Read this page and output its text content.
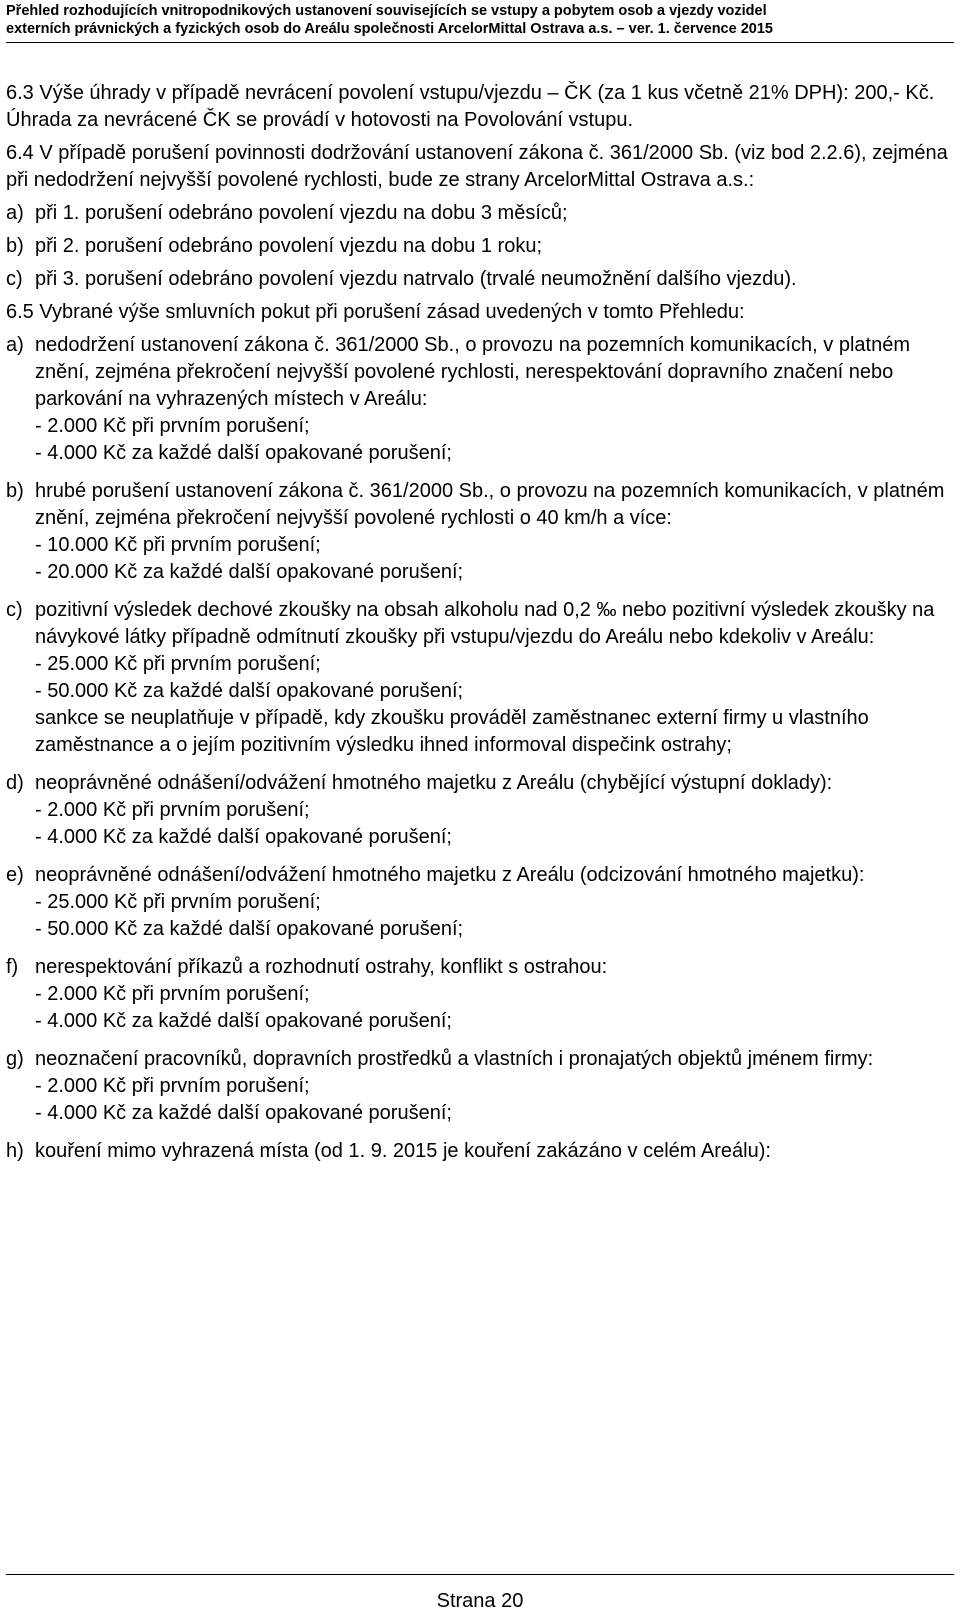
Přehled rozhodujících vnitropodnikových ustanovení souvisejících se vstupy a pobytem osob a vjezdy vozidel
externích právnických a fyzických osob do Areálu společnosti ArcelorMittal Ostrava a.s. – ver. 1. července 2015

6.3 Výše úhrady v případě nevrácení povolení vstupu/vjezdu – ČK (za 1 kus včetně 21% DPH): 200,- Kč. Úhrada za nevrácené ČK se provádí v hotovosti na Povolování vstupu.

6.4 V případě porušení povinnosti dodržování ustanovení zákona č. 361/2000 Sb. (viz bod 2.2.6), zejména při nedodržení nejvyšší povolené rychlosti, bude ze strany ArcelorMittal Ostrava a.s.:

a) při 1. porušení odebráno povolení vjezdu na dobu 3 měsíců;
b) při 2. porušení odebráno povolení vjezdu na dobu 1 roku;
c) při 3. porušení odebráno povolení vjezdu natrvalo (trvalé neumožnění dalšího vjezdu).

6.5 Vybrané výše smluvních pokut při porušení zásad uvedených v tomto Přehledu:

a) nedodržení ustanovení zákona č. 361/2000 Sb., o provozu na pozemních komunikacích, v platném znění, zejména překročení nejvyšší povolené rychlosti, nerespektování dopravního značení nebo parkování na vyhrazených místech v Areálu:
- 2.000 Kč při prvním porušení;
- 4.000 Kč za každé další opakované porušení;
b) hrubé porušení ustanovení zákona č. 361/2000 Sb., o provozu na pozemních komunikacích, v platném znění, zejména překročení nejvyšší povolené rychlosti o 40 km/h a více:
- 10.000 Kč při prvním porušení;
- 20.000 Kč za každé další opakované porušení;
c) pozitivní výsledek dechové zkoušky na obsah alkoholu nad 0,2 ‰ nebo pozitivní výsledek zkoušky na návykové látky případně odmítnutí zkoušky při vstupu/vjezdu do Areálu nebo kdekoliv v Areálu:
- 25.000 Kč při prvním porušení;
- 50.000 Kč za každé další opakované porušení;
sankce se neuplatňuje v případě, kdy zkoušku prováděl zaměstnanec externí firmy u vlastního zaměstnance a o jejím pozitivním výsledku ihned informoval dispečink ostrahy;
d) neoprávněné odnášení/odvážení hmotného majetku z Areálu (chybějící výstupní doklady):
- 2.000 Kč při prvním porušení;
- 4.000 Kč za každé další opakované porušení;
e) neoprávněné odnášení/odvážení hmotného majetku z Areálu (odcizování hmotného majetku):
- 25.000 Kč při prvním porušení;
- 50.000 Kč za každé další opakované porušení;
f) nerespektování příkazů a rozhodnutí ostrahy, konflikt s ostrahou:
- 2.000 Kč při prvním porušení;
- 4.000 Kč za každé další opakované porušení;
g) neoznačení pracovníků, dopravních prostředků a vlastních i pronajatých objektů jménem firmy:
- 2.000 Kč při prvním porušení;
- 4.000 Kč za každé další opakované porušení;
h) kouření mimo vyhrazená místa (od 1. 9. 2015 je kouření zakázáno v celém Areálu):
Strana 20
